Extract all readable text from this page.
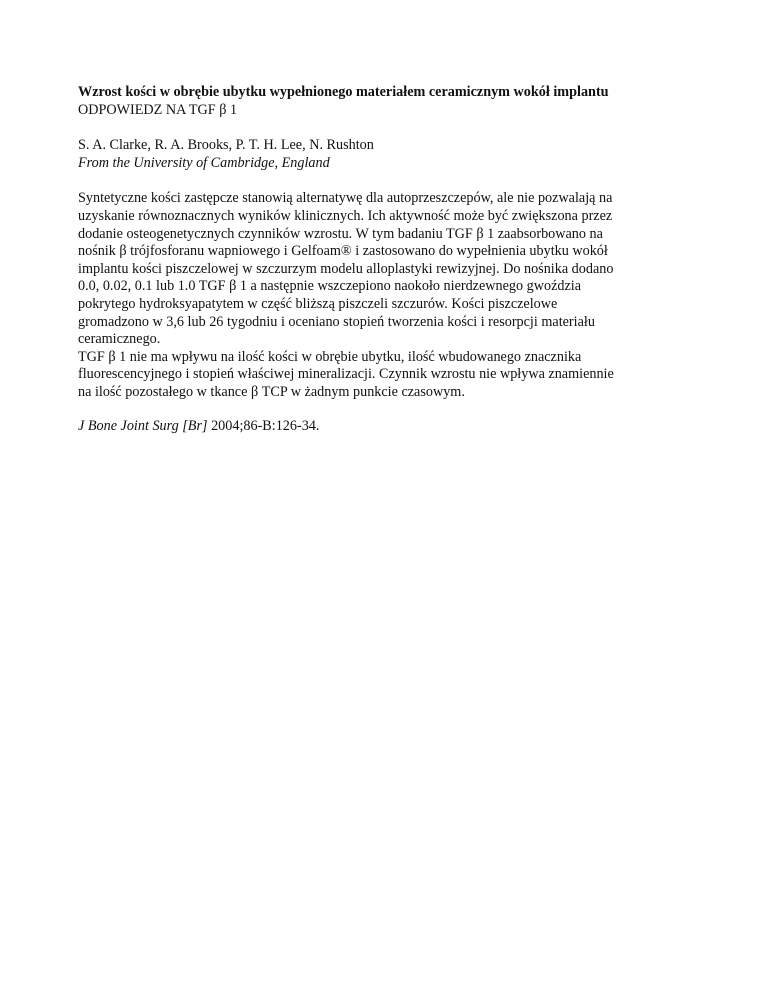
Wzrost kości w obrębie ubytku wypełnionego materiałem ceramicznym wokół implantu
ODPOWIEDZ NA TGF β 1
S. A. Clarke, R. A. Brooks, P. T. H. Lee, N. Rushton
From the University of Cambridge, England

Syntetyczne kości zastępcze stanowią alternatywę dla autoprzeszczepów, ale nie pozwalają na

uzyskanie równoznacznych wyników klinicznych. Ich aktywność może być zwiększona przez

dodanie osteogenetycznych czynników wzrostu. W tym badaniu TGF β 1 zaabsorbowano na

nośnik β trójfosforanu wapniowego i Gelfoam® i zastosowano do wypełnienia ubytku wokół

implantu kości piszczelowej w szczurzym modelu alloplastyki rewizyjnej. Do nośnika dodano

0.0, 0.02, 0.1 lub 1.0 TGF β 1 a następnie wszczepiono naokoło nierdzewnego gwoździa

pokrytego hydroksyapatytem w część bliższą piszczeli szczurów. Kości piszczelowe

gromadzono w 3,6 lub 26 tygodniu i oceniano stopień tworzenia kości i resorpcji materiału

ceramicznego.

TGF β 1 nie ma wpływu na ilość kości w obrębie ubytku, ilość wbudowanego znacznika

fluorescencyjnego i stopień właściwej mineralizacji. Czynnik wzrostu nie wpływa znamiennie

na ilość pozostałego w tkance β TCP w żadnym punkcie czasowym.

J Bone Joint Surg [Br] 2004;86-B:126-34.
